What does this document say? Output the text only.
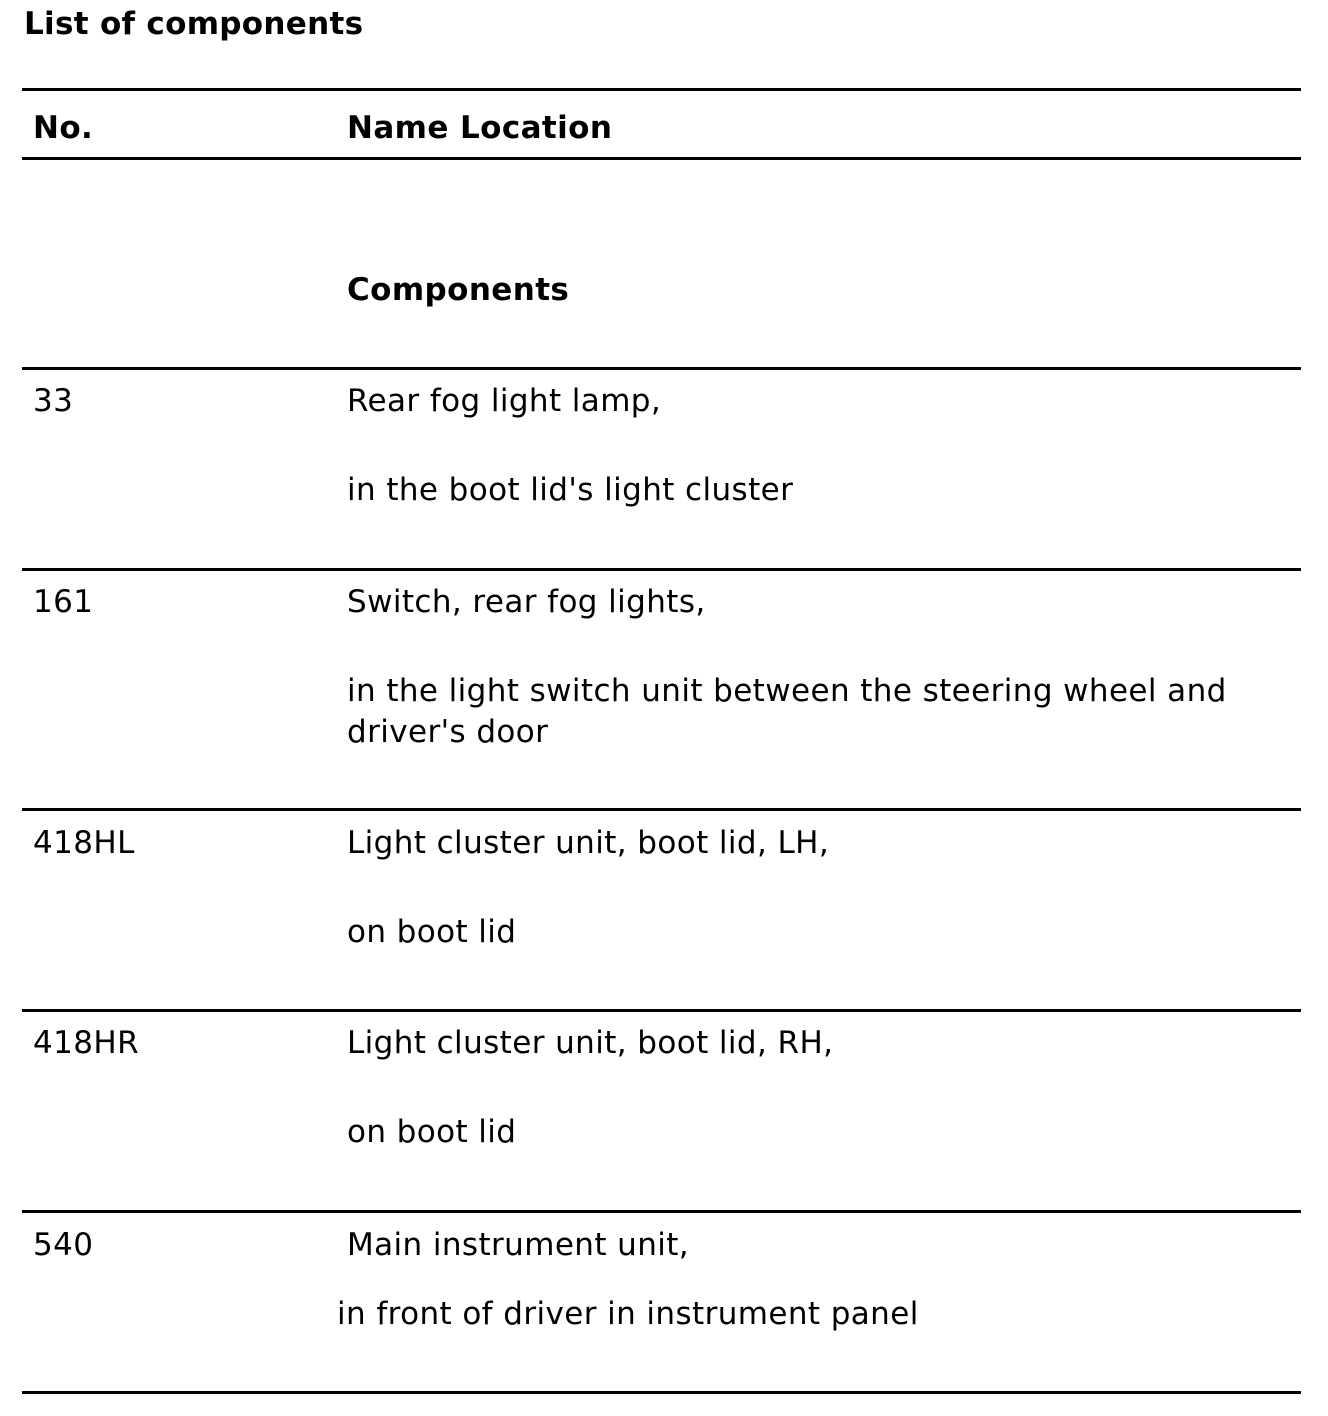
List of components
No.	Name Location
Components
33	Rear fog light lamp,
in the boot lid's light cluster
161	Switch, rear fog lights,
in the light switch unit between the steering wheel and driver's door
418HL	Light cluster unit, boot lid, LH,
on boot lid
418HR	Light cluster unit, boot lid, RH,
on boot lid
540	Main instrument unit,
in front of driver in instrument panel
